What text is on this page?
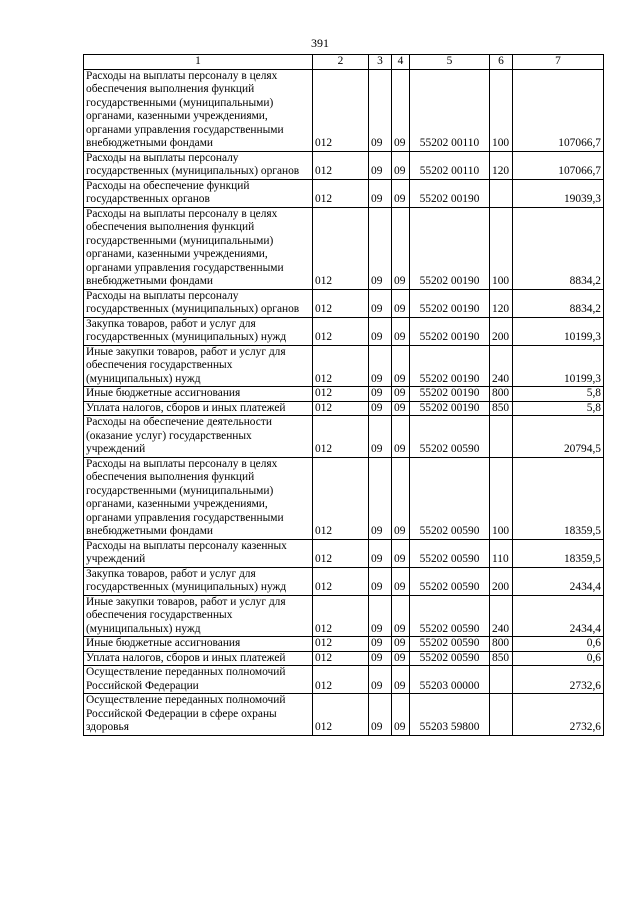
391
1	2	3	4	5	6	7
Расходы на выплаты персоналу в целях обеспечения выполнения функций государственными (муниципальными) органами, казенными учреждениями, органами управления государственными внебюджетными фондами	012	09	09	55202 00110	100	107066,7
Расходы на выплаты персоналу государственных (муниципальных) органов	012	09	09	55202 00110	120	107066,7
Расходы на обеспечение функций государственных органов	012	09	09	55202 00190		19039,3
Расходы на выплаты персоналу в целях обеспечения выполнения функций государственными (муниципальными) органами, казенными учреждениями, органами управления государственными внебюджетными фондами	012	09	09	55202 00190	100	8834,2
Расходы на выплаты персоналу государственных (муниципальных) органов	012	09	09	55202 00190	120	8834,2
Закупка товаров, работ и услуг для государственных (муниципальных) нужд	012	09	09	55202 00190	200	10199,3
Иные закупки товаров, работ и услуг для обеспечения государственных (муниципальных) нужд	012	09	09	55202 00190	240	10199,3
Иные бюджетные ассигнования	012	09	09	55202 00190	800	5,8
Уплата налогов, сборов и иных платежей	012	09	09	55202 00190	850	5,8
Расходы на обеспечение деятельности (оказание услуг) государственных учреждений	012	09	09	55202 00590		20794,5
Расходы на выплаты персоналу в целях обеспечения выполнения функций государственными (муниципальными) органами, казенными учреждениями, органами управления государственными внебюджетными фондами	012	09	09	55202 00590	100	18359,5
Расходы на выплаты персоналу казенных учреждений	012	09	09	55202 00590	110	18359,5
Закупка товаров, работ и услуг для государственных (муниципальных) нужд	012	09	09	55202 00590	200	2434,4
Иные закупки товаров, работ и услуг для обеспечения государственных (муниципальных) нужд	012	09	09	55202 00590	240	2434,4
Иные бюджетные ассигнования	012	09	09	55202 00590	800	0,6
Уплата налогов, сборов и иных платежей	012	09	09	55202 00590	850	0,6
Осуществление переданных полномочий Российской Федерации	012	09	09	55203 00000		2732,6
Осуществление переданных полномочий Российской Федерации в сфере охраны здоровья	012	09	09	55203 59800		2732,6
